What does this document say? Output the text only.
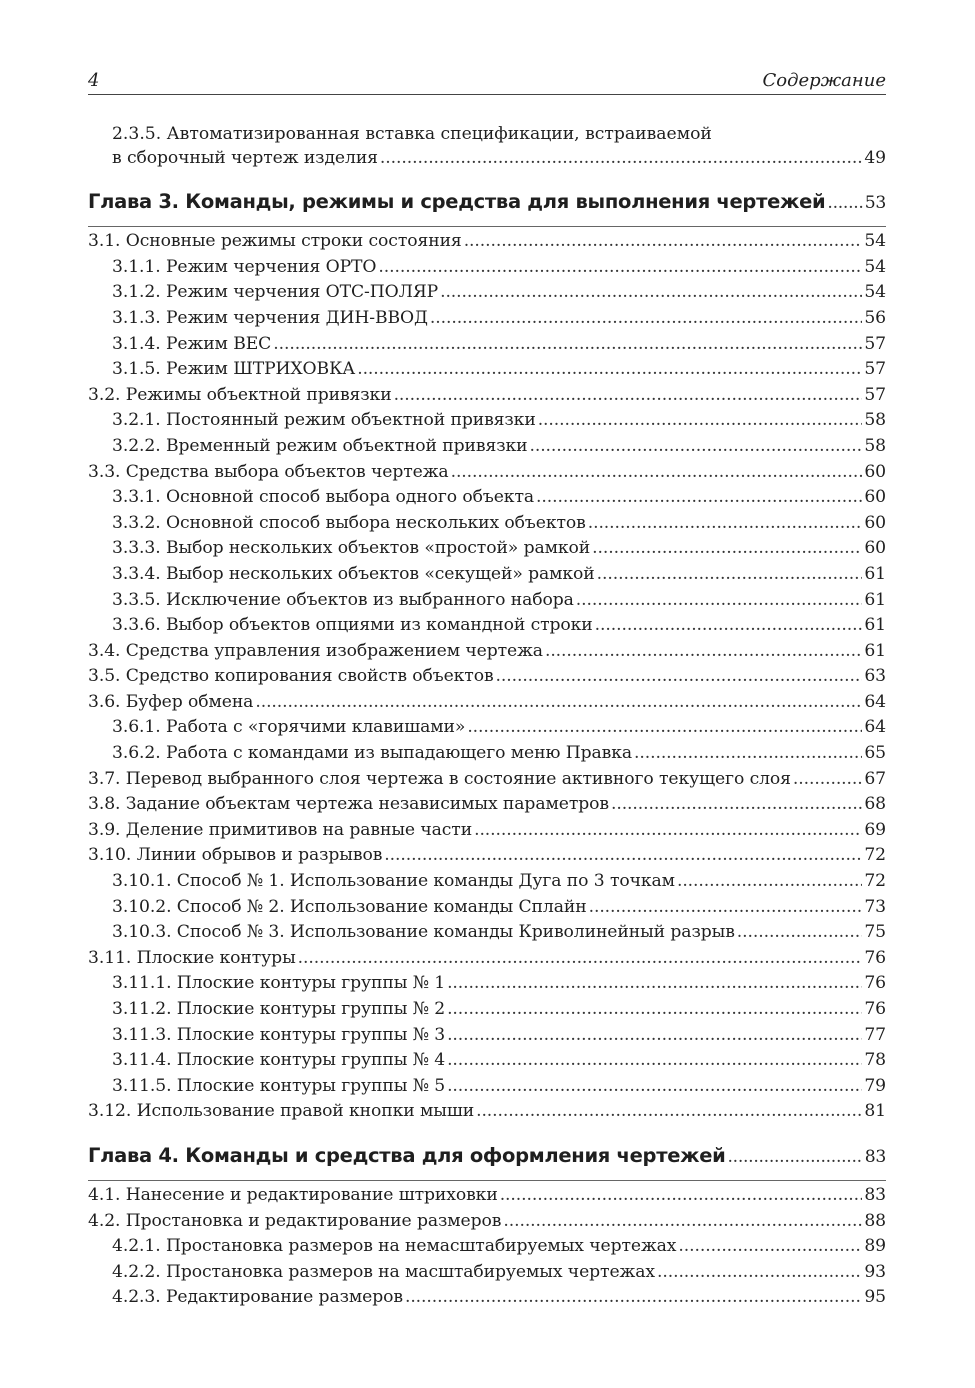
4	Содержание
2.3.5. Автоматизированная вставка спецификации, встраиваемой
в сборочный чертеж изделия .....	49
Глава 3. Команды, режимы и средства для выполнения чертежей ..... 53
3.1. Основные режимы строки состояния .....	54
3.1.1. Режим черчения ОРТО .....	54
3.1.2. Режим черчения ОТС-ПОЛЯР .....	54
3.1.3. Режим черчения ДИН-ВВОД .....	56
3.1.4. Режим ВЕС .....	57
3.1.5. Режим ШТРИХОВКА .....	57
3.2. Режимы объектной привязки .....	57
3.2.1. Постоянный режим объектной привязки .....	58
3.2.2. Временный режим объектной привязки .....	58
3.3. Средства выбора объектов чертежа .....	60
3.3.1. Основной способ выбора одного объекта .....	60
3.3.2. Основной способ выбора нескольких объектов .....	60
3.3.3. Выбор нескольких объектов «простой» рамкой .....	60
3.3.4. Выбор нескольких объектов «секущей» рамкой .....	61
3.3.5. Исключение объектов из выбранного набора .....	61
3.3.6. Выбор объектов опциями из командной строки .....	61
3.4. Средства управления изображением чертежа .....	61
3.5. Средство копирования свойств объектов .....	63
3.6. Буфер обмена .....	64
3.6.1. Работа с «горячими клавишами» .....	64
3.6.2. Работа с командами из выпадающего меню Правка .....	65
3.7. Перевод выбранного слоя чертежа в состояние активного текущего слоя .....	67
3.8. Задание объектам чертежа независимых параметров .....	68
3.9. Деление примитивов на равные части .....	69
3.10. Линии обрывов и разрывов .....	72
3.10.1. Способ № 1. Использование команды Дуга по 3 точкам .....	72
3.10.2. Способ № 2. Использование команды Сплайн .....	73
3.10.3. Способ № 3. Использование команды Криволинейный разрыв .....	75
3.11. Плоские контуры .....	76
3.11.1. Плоские контуры группы № 1 .....	76
3.11.2. Плоские контуры группы № 2 .....	76
3.11.3. Плоские контуры группы № 3 .....	77
3.11.4. Плоские контуры группы № 4 .....	78
3.11.5. Плоские контуры группы № 5 .....	79
3.12. Использование правой кнопки мыши .....	81
Глава 4. Команды и средства для оформления чертежей .....	83
4.1. Нанесение и редактирование штриховки .....	83
4.2. Простановка и редактирование размеров .....	88
4.2.1. Простановка размеров на немасштабируемых чертежах .....	89
4.2.2. Простановка размеров на масштабируемых чертежах .....	93
4.2.3. Редактирование размеров .....	95
